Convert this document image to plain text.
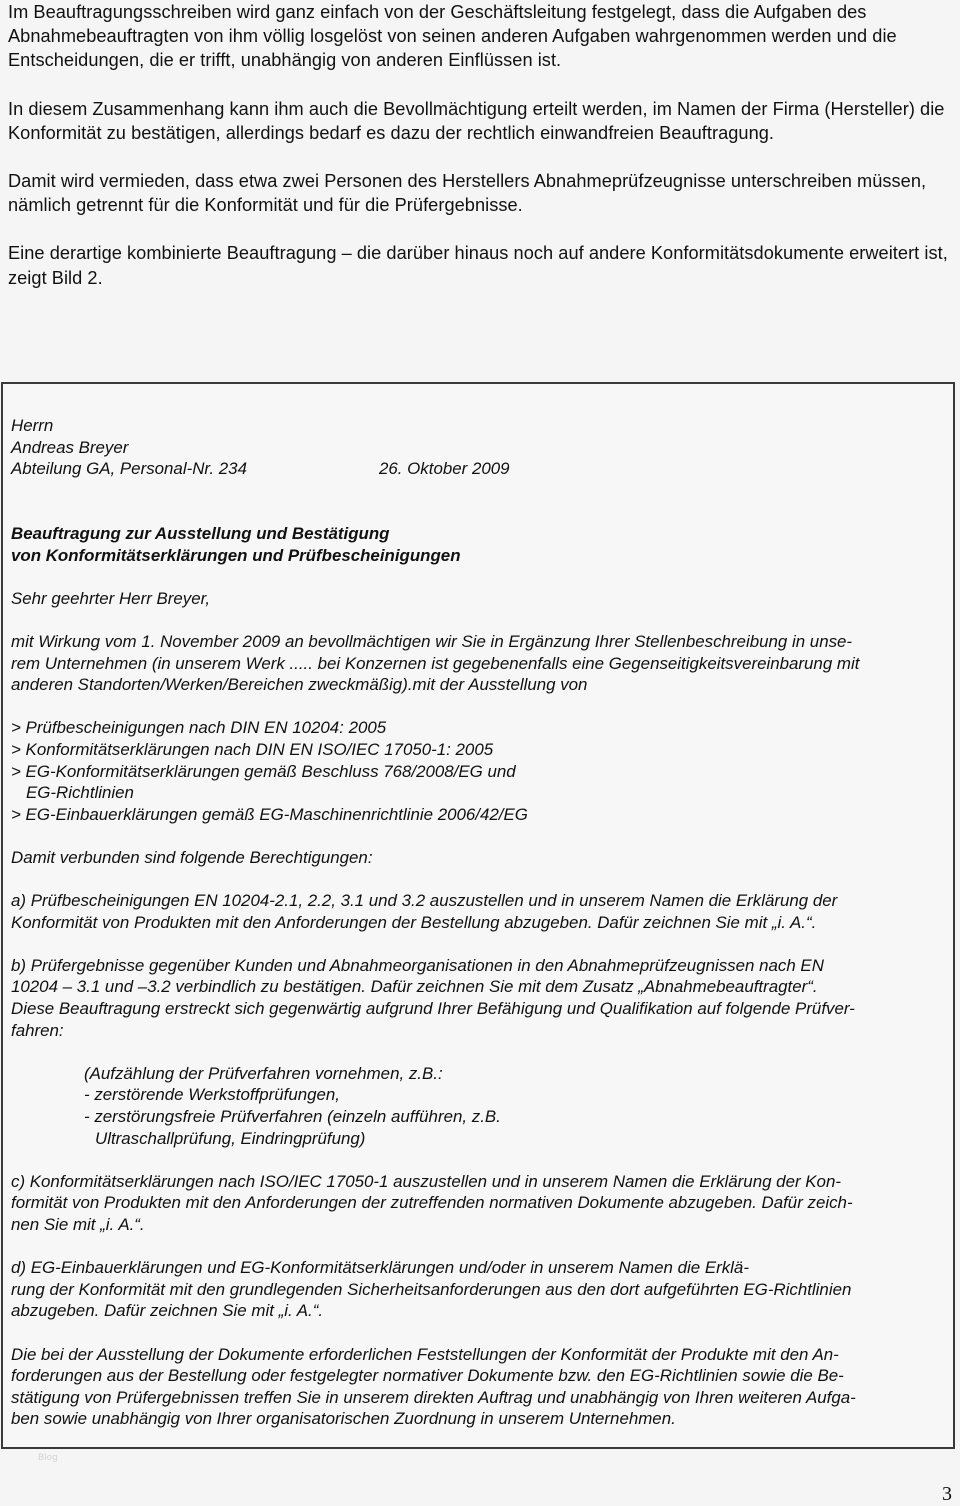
Im Beauftragungsschreiben wird ganz einfach von der Geschäftsleitung festgelegt, dass die Aufgaben des Abnahmebeauftragten von ihm völlig losgelöst von seinen anderen Aufgaben wahrgenommen werden und die Entscheidungen, die er trifft, unabhängig von anderen Einflüssen ist.

In diesem Zusammenhang kann ihm auch die Bevollmächtigung erteilt werden, im Namen der Firma (Hersteller) die Konformität zu bestätigen, allerdings bedarf es dazu der rechtlich einwandfreien Beauftragung.

Damit wird vermieden, dass etwa zwei Personen des Herstellers Abnahmeprüfzeugnisse unterschreiben müssen, nämlich getrennt für die Konformität und für die Prüfergebnisse.

Eine derartige kombinierte Beauftragung – die darüber hinaus noch auf andere Konformitätsdokumente erweitert ist, zeigt Bild 2.

Herrn
Andreas Breyer
Abteilung GA, Personal-Nr. 234	26. Oktober 2009
Beauftragung zur Ausstellung und Bestätigung
von Konformitätserklärungen und Prüfbescheinigungen
Sehr geehrter Herr Breyer,
mit Wirkung vom 1. November 2009 an bevollmächtigen wir Sie in Ergänzung Ihrer Stellenbeschreibung in unse-
rem Unternehmen (in unserem Werk ..... bei Konzernen ist gegebenenfalls eine Gegenseitigkeitsvereinbarung mit
anderen Standorten/Werken/Bereichen zweckmäßig).mit der Ausstellung von
> Prüfbescheinigungen nach DIN EN 10204: 2005
> Konformitätserklärungen nach DIN EN ISO/IEC 17050-1: 2005
> EG-Konformitätserklärungen gemäß Beschluss 768/2008/EG und
EG-Richtlinien
> EG-Einbauerklärungen gemäß EG-Maschinenrichtlinie 2006/42/EG
Damit verbunden sind folgende Berechtigungen:
a) Prüfbescheinigungen EN 10204-2.1, 2.2, 3.1 und 3.2 auszustellen und in unserem Namen die Erklärung der
Konformität von Produkten mit den Anforderungen der Bestellung abzugeben. Dafür zeichnen Sie mit „i. A.“.
b) Prüfergebnisse gegenüber Kunden und Abnahmeorganisationen in den Abnahmeprüfzeugnissen nach EN
10204 – 3.1 und –3.2 verbindlich zu bestätigen. Dafür zeichnen Sie mit dem Zusatz „Abnahmebeauftragter“.
Diese Beauftragung erstreckt sich gegenwärtig aufgrund Ihrer Befähigung und Qualifikation auf folgende Prüfver-
fahren:
(Aufzählung der Prüfverfahren vornehmen, z.B.:
- zerstörende Werkstoffprüfungen,
- zerstörungsfreie Prüfverfahren (einzeln aufführen, z.B.
Ultraschallprüfung, Eindringprüfung)
c) Konformitätserklärungen nach ISO/IEC 17050-1 auszustellen und in unserem Namen die Erklärung der Kon-
formität von Produkten mit den Anforderungen der zutreffenden normativen Dokumente abzugeben. Dafür zeich-
nen Sie mit „i. A.“.
d) EG-Einbauerklärungen und EG-Konformitätserklärungen und/oder in unserem Namen die Erklä-
rung der Konformität mit den grundlegenden Sicherheitsanforderungen aus den dort aufgeführten EG-Richtlinien
abzugeben. Dafür zeichnen Sie mit „i. A.“.
Die bei der Ausstellung der Dokumente erforderlichen Feststellungen der Konformität der Produkte mit den An-
forderungen aus der Bestellung oder festgelegter normativer Dokumente bzw. den EG-Richtlinien sowie die Be-
stätigung von Prüfergebnissen treffen Sie in unserem direkten Auftrag und unabhängig von Ihren weiteren Aufga-
ben sowie unabhängig von Ihrer organisatorischen Zuordnung in unserem Unternehmen.
Blog
3
